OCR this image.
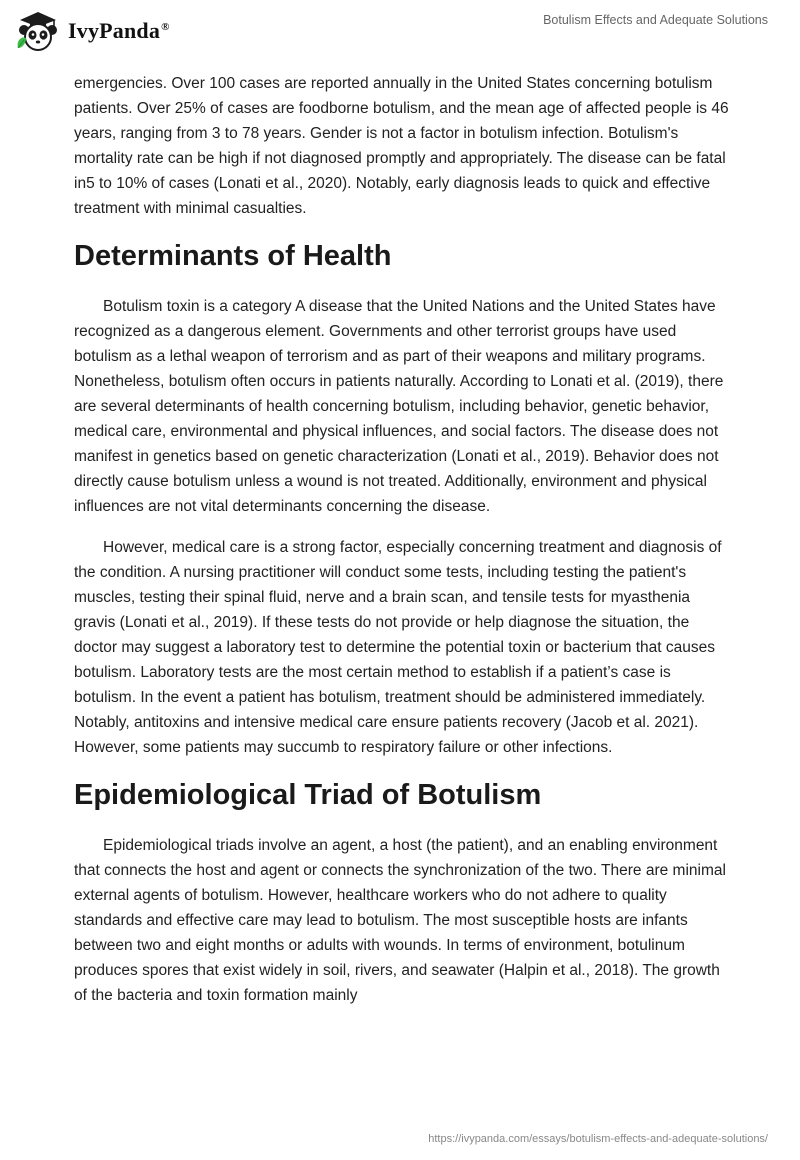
IvyPanda®	Botulism Effects and Adequate Solutions

emergencies. Over 100 cases are reported annually in the United States concerning botulism patients. Over 25% of cases are foodborne botulism, and the mean age of affected people is 46 years, ranging from 3 to 78 years. Gender is not a factor in botulism infection. Botulism's mortality rate can be high if not diagnosed promptly and appropriately. The disease can be fatal in5 to 10% of cases (Lonati et al., 2020). Notably, early diagnosis leads to quick and effective treatment with minimal casualties.

Determinants of Health

Botulism toxin is a category A disease that the United Nations and the United States have recognized as a dangerous element. Governments and other terrorist groups have used botulism as a lethal weapon of terrorism and as part of their weapons and military programs. Nonetheless, botulism often occurs in patients naturally. According to Lonati et al. (2019), there are several determinants of health concerning botulism, including behavior, genetic behavior, medical care, environmental and physical influences, and social factors. The disease does not manifest in genetics based on genetic characterization (Lonati et al., 2019). Behavior does not directly cause botulism unless a wound is not treated. Additionally, environment and physical influences are not vital determinants concerning the disease.

However, medical care is a strong factor, especially concerning treatment and diagnosis of the condition. A nursing practitioner will conduct some tests, including testing the patient's muscles, testing their spinal fluid, nerve and a brain scan, and tensile tests for myasthenia gravis (Lonati et al., 2019). If these tests do not provide or help diagnose the situation, the doctor may suggest a laboratory test to determine the potential toxin or bacterium that causes botulism. Laboratory tests are the most certain method to establish if a patient’s case is botulism. In the event a patient has botulism, treatment should be administered immediately. Notably, antitoxins and intensive medical care ensure patients recovery (Jacob et al. 2021). However, some patients may succumb to respiratory failure or other infections.

Epidemiological Triad of Botulism

Epidemiological triads involve an agent, a host (the patient), and an enabling environment that connects the host and agent or connects the synchronization of the two. There are minimal external agents of botulism. However, healthcare workers who do not adhere to quality standards and effective care may lead to botulism. The most susceptible hosts are infants between two and eight months or adults with wounds. In terms of environment, botulinum produces spores that exist widely in soil, rivers, and seawater (Halpin et al., 2018). The growth of the bacteria and toxin formation mainly

https://ivypanda.com/essays/botulism-effects-and-adequate-solutions/
